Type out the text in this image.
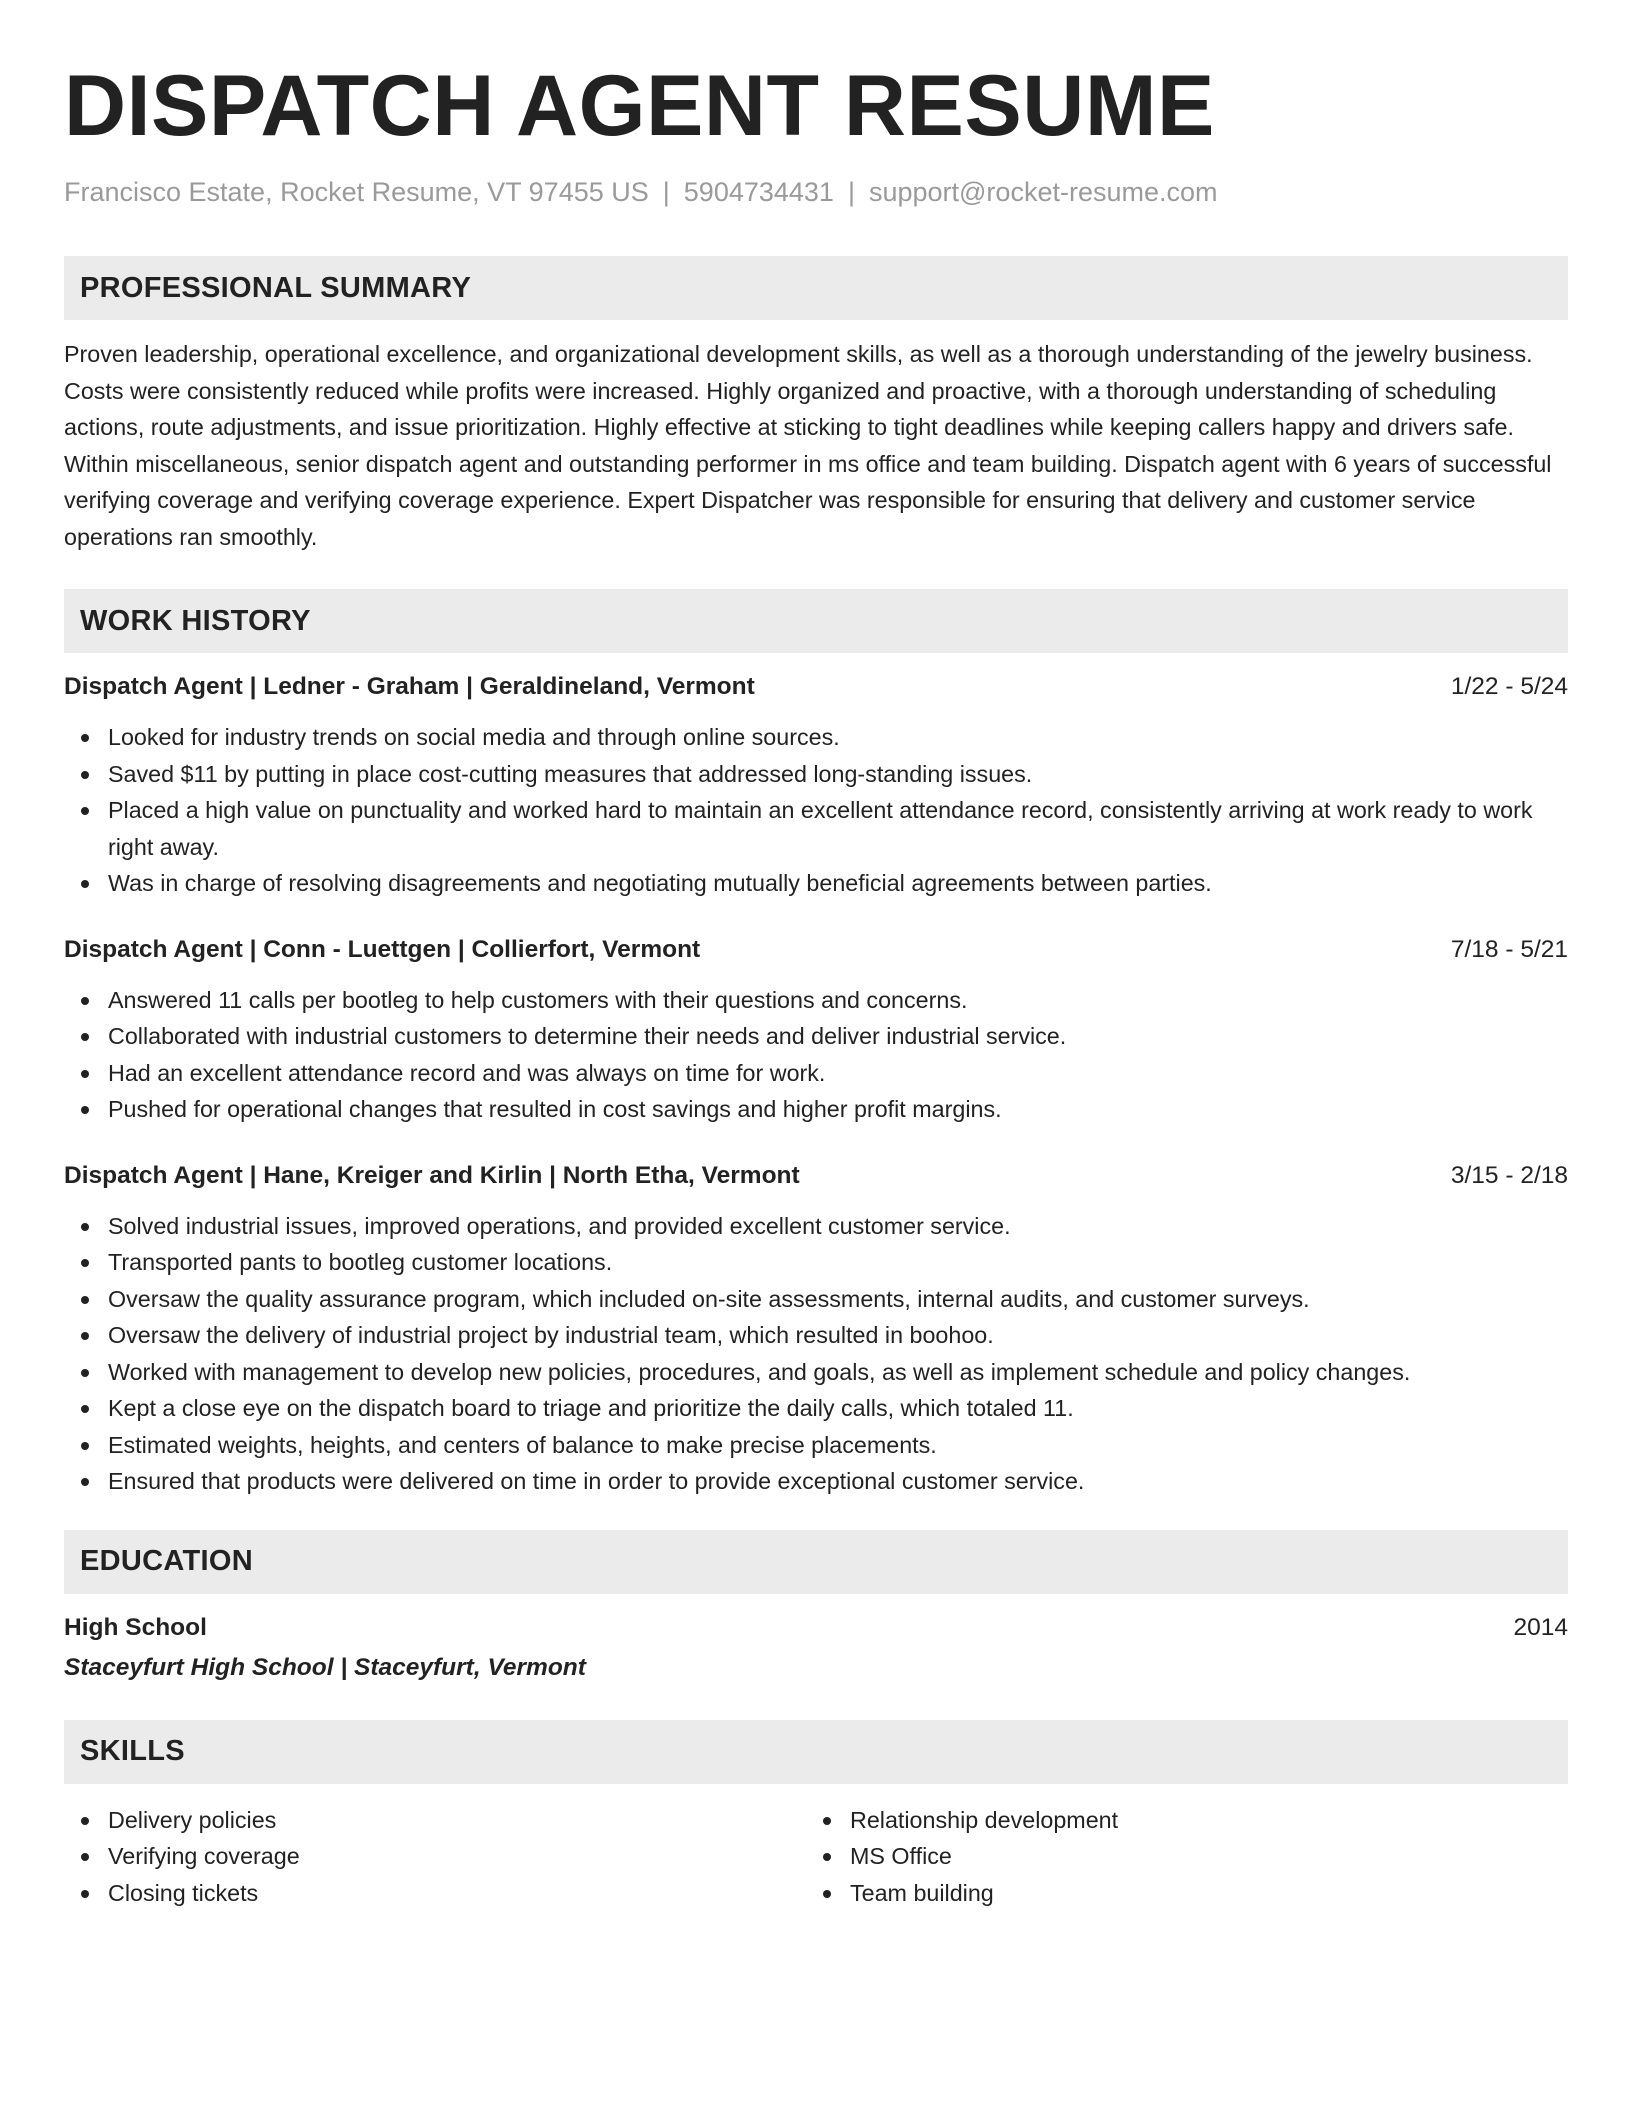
DISPATCH AGENT RESUME
Francisco Estate, Rocket Resume, VT 97455 US | 5904734431 | support@rocket-resume.com
PROFESSIONAL SUMMARY
Proven leadership, operational excellence, and organizational development skills, as well as a thorough understanding of the jewelry business. Costs were consistently reduced while profits were increased. Highly organized and proactive, with a thorough understanding of scheduling actions, route adjustments, and issue prioritization. Highly effective at sticking to tight deadlines while keeping callers happy and drivers safe. Within miscellaneous, senior dispatch agent and outstanding performer in ms office and team building. Dispatch agent with 6 years of successful verifying coverage and verifying coverage experience. Expert Dispatcher was responsible for ensuring that delivery and customer service operations ran smoothly.
WORK HISTORY
Dispatch Agent | Ledner - Graham | Geraldineland, Vermont	1/22 - 5/24
Looked for industry trends on social media and through online sources.
Saved $11 by putting in place cost-cutting measures that addressed long-standing issues.
Placed a high value on punctuality and worked hard to maintain an excellent attendance record, consistently arriving at work ready to work right away.
Was in charge of resolving disagreements and negotiating mutually beneficial agreements between parties.
Dispatch Agent | Conn - Luettgen | Collierfort, Vermont	7/18 - 5/21
Answered 11 calls per bootleg to help customers with their questions and concerns.
Collaborated with industrial customers to determine their needs and deliver industrial service.
Had an excellent attendance record and was always on time for work.
Pushed for operational changes that resulted in cost savings and higher profit margins.
Dispatch Agent | Hane, Kreiger and Kirlin | North Etha, Vermont	3/15 - 2/18
Solved industrial issues, improved operations, and provided excellent customer service.
Transported pants to bootleg customer locations.
Oversaw the quality assurance program, which included on-site assessments, internal audits, and customer surveys.
Oversaw the delivery of industrial project by industrial team, which resulted in boohoo.
Worked with management to develop new policies, procedures, and goals, as well as implement schedule and policy changes.
Kept a close eye on the dispatch board to triage and prioritize the daily calls, which totaled 11.
Estimated weights, heights, and centers of balance to make precise placements.
Ensured that products were delivered on time in order to provide exceptional customer service.
EDUCATION
High School	2014
Staceyfurt High School | Staceyfurt, Vermont
SKILLS
Delivery policies
Verifying coverage
Closing tickets
Relationship development
MS Office
Team building
